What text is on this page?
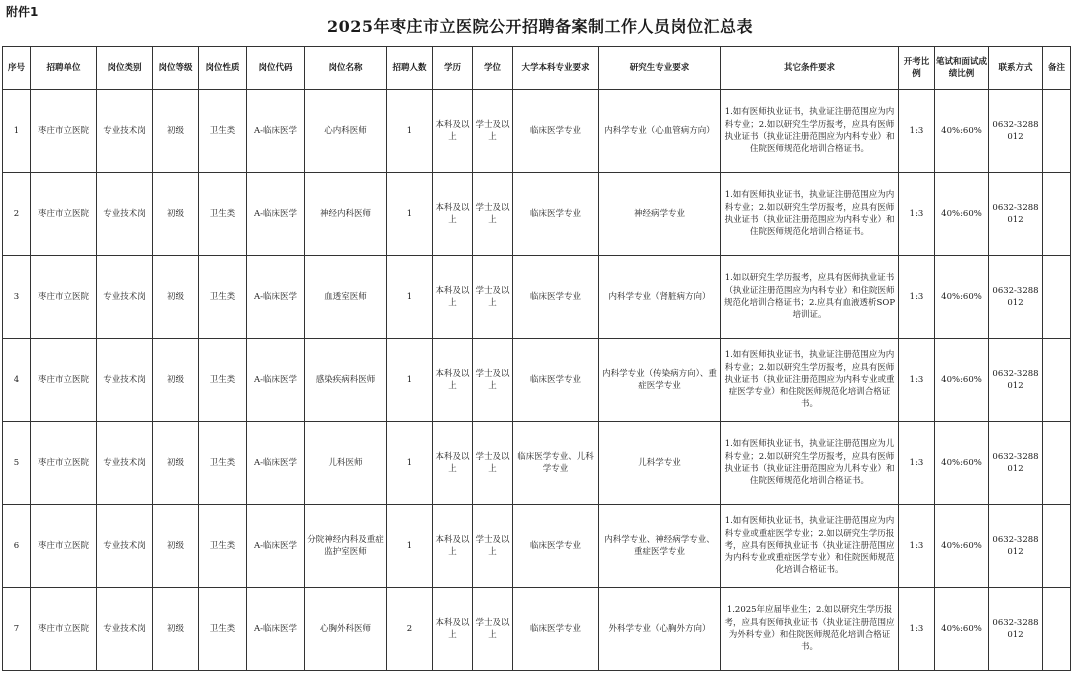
附件1
2025年枣庄市立医院公开招聘备案制工作人员岗位汇总表
序号	招聘单位	岗位类别	岗位等级	岗位性质	岗位代码	岗位名称	招聘人数	学历	学位	大学本科专业要求	研究生专业要求	其它条件要求	开考比例	笔试和面试成绩比例	联系方式	备注
1	枣庄市立医院	专业技术岗	初级	卫生类	A-临床医学	心内科医师	1	本科及以上	学士及以上	临床医学专业	内科学专业（心血管病方向）	1.如有医师执业证书，执业证注册范围应为内科专业；2.如以研究生学历报考，应具有医师执业证书（执业证注册范围应为内科专业）和住院医师规范化培训合格证书。	1:3	40%:60%	0632-3288012	
2	枣庄市立医院	专业技术岗	初级	卫生类	A-临床医学	神经内科医师	1	本科及以上	学士及以上	临床医学专业	神经病学专业	1.如有医师执业证书，执业证注册范围应为内科专业；2.如以研究生学历报考，应具有医师执业证书（执业证注册范围应为内科专业）和住院医师规范化培训合格证书。	1:3	40%:60%	0632-3288012	
3	枣庄市立医院	专业技术岗	初级	卫生类	A-临床医学	血透室医师	1	本科及以上	学士及以上	临床医学专业	内科学专业（肾脏病方向）	1.如以研究生学历报考，应具有医师执业证书（执业证注册范围应为内科专业）和住院医师规范化培训合格证书；2.应具有血液透析SOP培训证。	1:3	40%:60%	0632-3288012	
4	枣庄市立医院	专业技术岗	初级	卫生类	A-临床医学	感染疾病科医师	1	本科及以上	学士及以上	临床医学专业	内科学专业（传染病方向）、重症医学专业	1.如有医师执业证书，执业证注册范围应为内科专业；2.如以研究生学历报考，应具有医师执业证书（执业证注册范围应为内科专业或重症医学专业）和住院医师规范化培训合格证书。	1:3	40%:60%	0632-3288012	
5	枣庄市立医院	专业技术岗	初级	卫生类	A-临床医学	儿科医师	1	本科及以上	学士及以上	临床医学专业、儿科学专业	儿科学专业	1.如有医师执业证书，执业证注册范围应为儿科专业；2.如以研究生学历报考，应具有医师执业证书（执业证注册范围应为儿科专业）和住院医师规范化培训合格证书。	1:3	40%:60%	0632-3288012	
6	枣庄市立医院	专业技术岗	初级	卫生类	A-临床医学	分院神经内科及重症监护室医师	1	本科及以上	学士及以上	临床医学专业	内科学专业、神经病学专业、重症医学专业	1.如有医师执业证书，执业证注册范围应为内科专业或重症医学专业；2.如以研究生学历报考，应具有医师执业证书（执业证注册范围应为内科专业或重症医学专业）和住院医师规范化培训合格证书。	1:3	40%:60%	0632-3288012	
7	枣庄市立医院	专业技术岗	初级	卫生类	A-临床医学	心胸外科医师	2	本科及以上	学士及以上	临床医学专业	外科学专业（心胸外方向）	1.2025年应届毕业生；2.如以研究生学历报考，应具有医师执业证书（执业证注册范围应为外科专业）和住院医师规范化培训合格证书。	1:3	40%:60%	0632-3288012	
